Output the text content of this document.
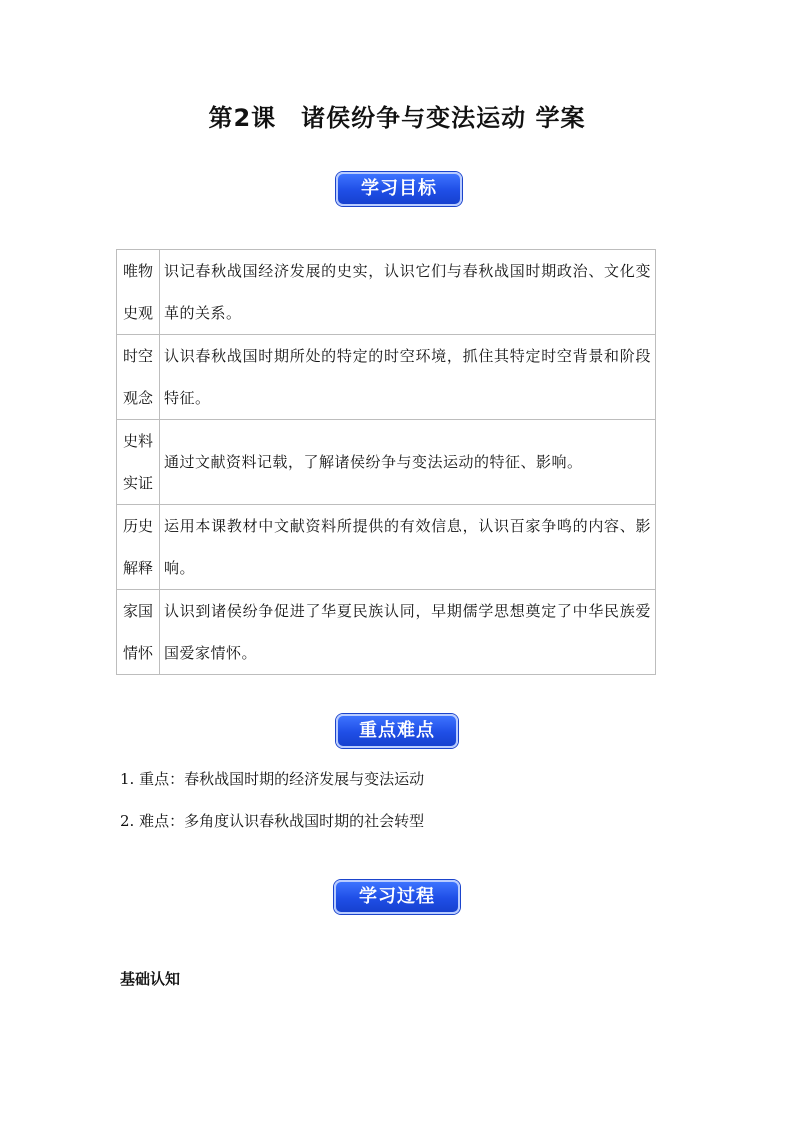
第2课　诸侯纷争与变法运动 学案
学习目标
唯物史观	识记春秋战国经济发展的史实，认识它们与春秋战国时期政治、文化变革的关系。
时空观念	认识春秋战国时期所处的特定的时空环境，抓住其特定时空背景和阶段特征。
史料实证	通过文献资料记载，了解诸侯纷争与变法运动的特征、影响。
历史解释	运用本课教材中文献资料所提供的有效信息，认识百家争鸣的内容、影响。
家国情怀	认识到诸侯纷争促进了华夏民族认同，早期儒学思想奠定了中华民族爱国爱家情怀。
重点难点

1. 重点：春秋战国时期的经济发展与变法运动

2. 难点：多角度认识春秋战国时期的社会转型

学习过程

基础认知
